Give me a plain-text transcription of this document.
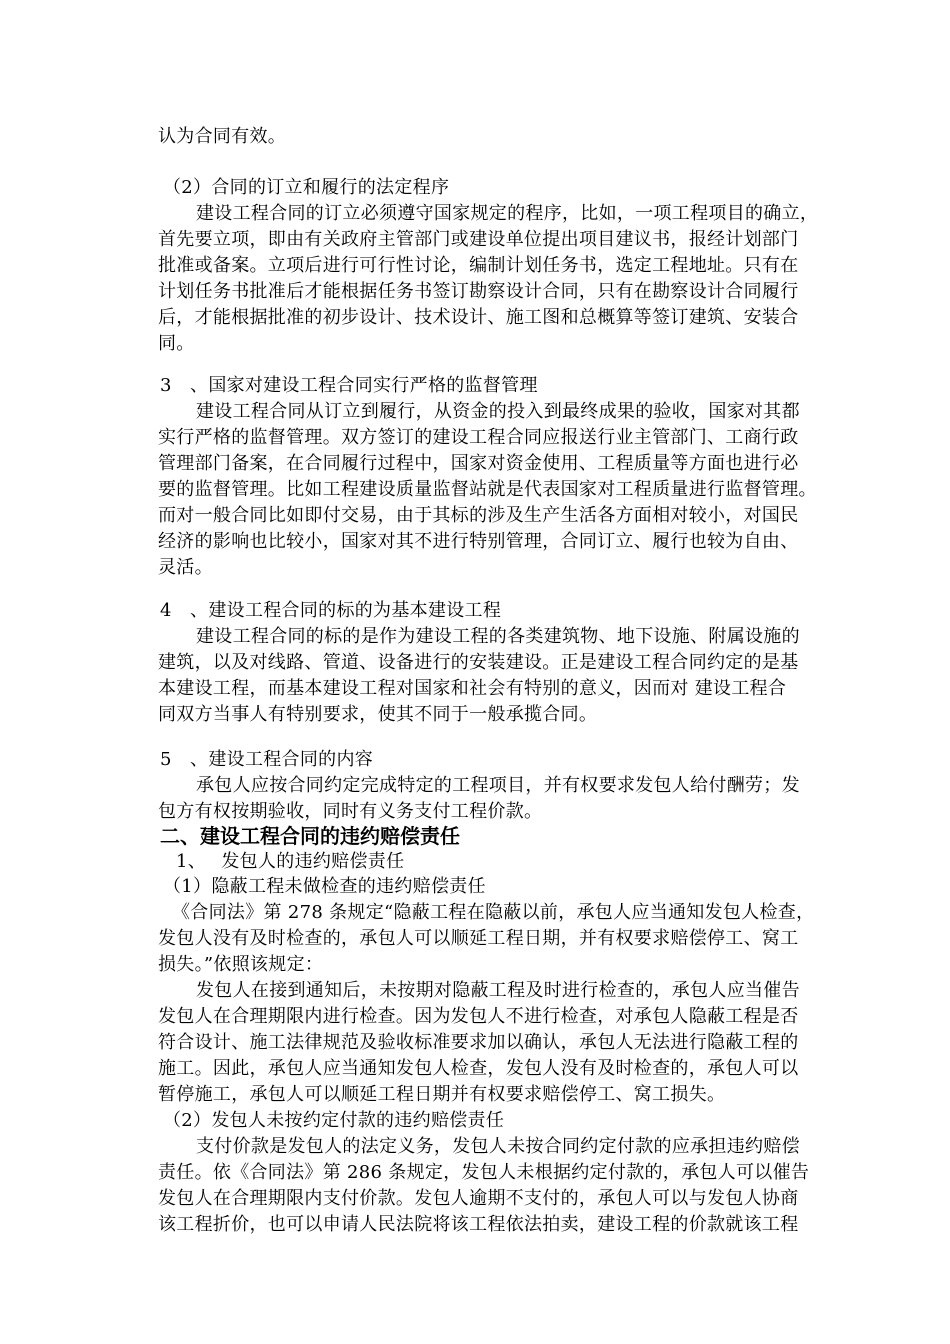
认为合同有效。
（2）合同的订立和履行的法定程序
建设工程合同的订立必须遵守国家规定的程序，比如，一项工程项目的确立，
首先要立项，即由有关政府主管部门或建设单位提出项目建议书，报经计划部门
批准或备案。立项后进行可行性讨论，编制计划任务书，选定工程地址。只有在
计划任务书批准后才能根据任务书签订勘察设计合同，只有在勘察设计合同履行
后，才能根据批准的初步设计、技术设计、施工图和总概算等签订建筑、安装合
同。
3　、国家对建设工程合同实行严格的监督管理
建设工程合同从订立到履行，从资金的投入到最终成果的验收，国家对其都
实行严格的监督管理。双方签订的建设工程合同应报送行业主管部门、工商行政
管理部门备案，在合同履行过程中，国家对资金使用、工程质量等方面也进行必
要的监督管理。比如工程建设质量监督站就是代表国家对工程质量进行监督管理。
而对一般合同比如即付交易，由于其标的涉及生产生活各方面相对较小，对国民
经济的影响也比较小，国家对其不进行特别管理，合同订立、履行也较为自由、
灵活。
4　、建设工程合同的标的为基本建设工程
建设工程合同的标的是作为建设工程的各类建筑物、地下设施、附属设施的
建筑，以及对线路、管道、设备进行的安装建设。正是建设工程合同约定的是基
本建设工程，而基本建设工程对国家和社会有特别的意义，因而对 建设工程合
同双方当事人有特别要求，使其不同于一般承揽合同。
5　、建设工程合同的内容
承包人应按合同约定完成特定的工程项目，并有权要求发包人给付酬劳；发
包方有权按期验收，同时有义务支付工程价款。
二、建设工程合同的违约赔偿责任
1、　 发包人的违约赔偿责任
（1）隐蔽工程未做检查的违约赔偿责任
《合同法》第 278 条规定“隐蔽工程在隐蔽以前，承包人应当通知发包人检查，
发包人没有及时检查的，承包人可以顺延工程日期，并有权要求赔偿停工、窝工
损失。”依照该规定：
发包人在接到通知后，未按期对隐蔽工程及时进行检查的，承包人应当催告
发包人在合理期限内进行检查。因为发包人不进行检查，对承包人隐蔽工程是否
符合设计、施工法律规范及验收标准要求加以确认，承包人无法进行隐蔽工程的
施工。因此，承包人应当通知发包人检查，发包人没有及时检查的，承包人可以
暂停施工，承包人可以顺延工程日期并有权要求赔偿停工、窝工损失。
（2）发包人未按约定付款的违约赔偿责任
支付价款是发包人的法定义务，发包人未按合同约定付款的应承担违约赔偿
责任。依《合同法》第 286 条规定，发包人未根据约定付款的，承包人可以催告
发包人在合理期限内支付价款。发包人逾期不支付的，承包人可以与发包人协商
该工程折价，也可以申请人民法院将该工程依法拍卖，建设工程的价款就该工程
